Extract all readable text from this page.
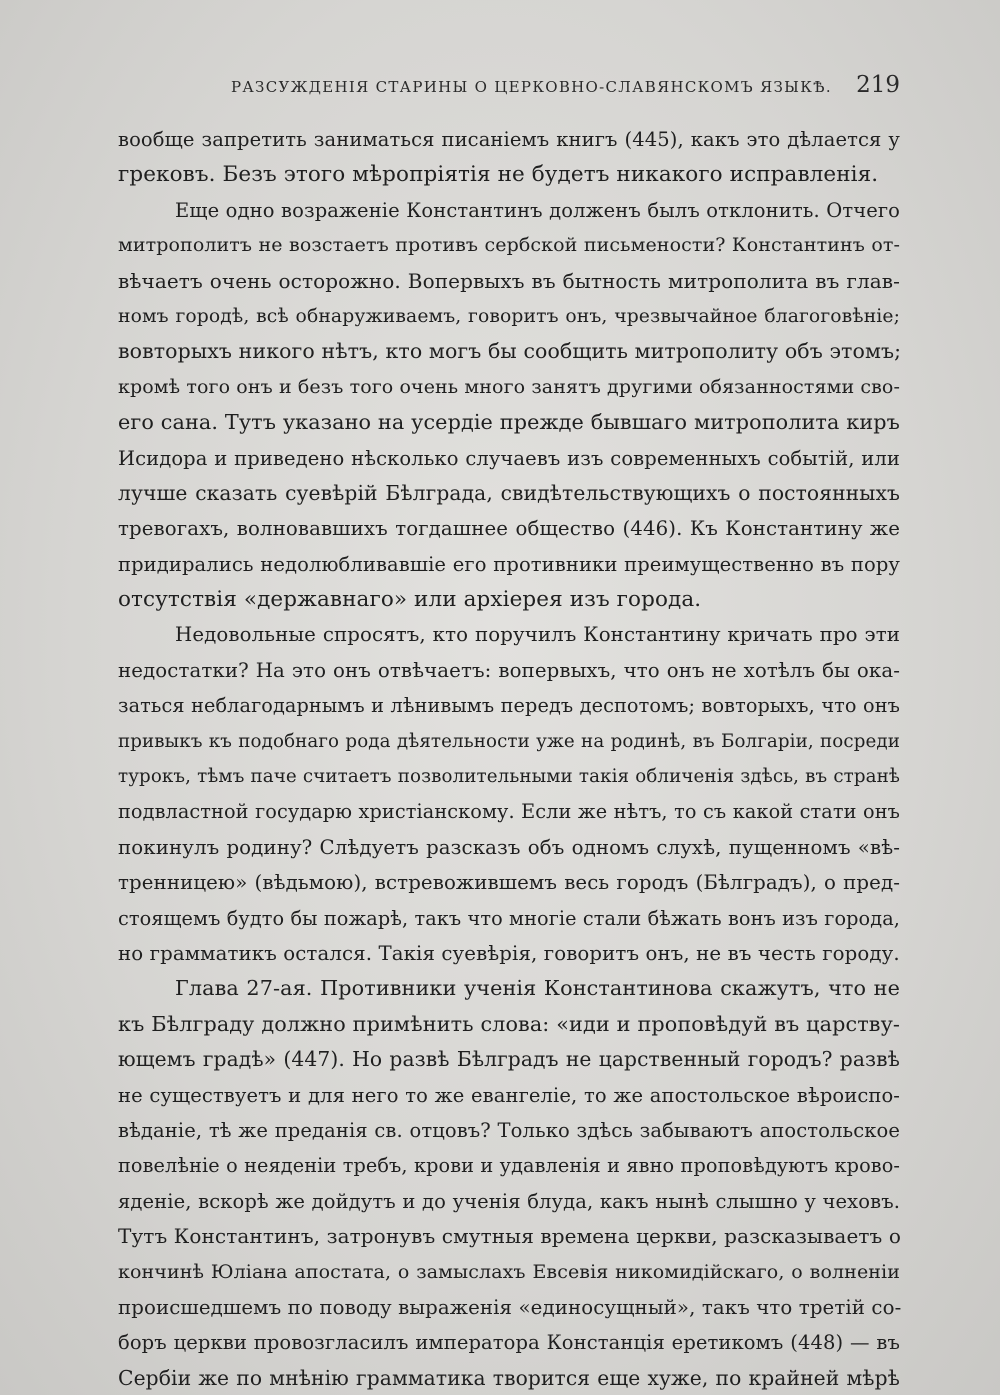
РАЗСУЖДЕНІЯ СТАРИНЫ О ЦЕРКОВНО-СЛАВЯНСКОМЪ ЯЗЫКѢ. 219
вообще запретить заниматься писаніемъ книгъ (445), какъ это дѣлается у
грековъ. Безъ этого мѣропріятія не будетъ никакого исправленія.
Еще одно возраженіе Константинъ долженъ былъ отклонить. Отчего
митрополитъ не возстаетъ противъ сербской письмености? Константинъ от-
вѣчаетъ очень осторожно. Вопервыхъ въ бытность митрополита въ глав-
номъ городѣ, всѣ обнаруживаемъ, говоритъ онъ, чрезвычайное благоговѣніе;
вовторыхъ никого нѣтъ, кто могъ бы сообщить митрополиту объ этомъ;
кромѣ того онъ и безъ того очень много занятъ другими обязанностями сво-
его сана. Тутъ указано на усердіе прежде бывшаго митрополита киръ
Исидора и приведено нѣсколько случаевъ изъ современныхъ событій, или
лучше сказать суевѣрій Бѣлграда, свидѣтельствующихъ о постоянныхъ
тревогахъ, волновавшихъ тогдашнее общество (446). Къ Константину же
придирались недолюбливавшіе его противники преимущественно въ пору
отсутствія «державнаго» или архіерея изъ города.
Недовольные спросятъ, кто поручилъ Константину кричать про эти
недостатки? На это онъ отвѣчаетъ: вопервыхъ, что онъ не хотѣлъ бы ока-
заться неблагодарнымъ и лѣнивымъ передъ деспотомъ; вовторыхъ, что онъ
привыкъ къ подобнаго рода дѣятельности уже на родинѣ, въ Болгаріи, посреди
турокъ, тѣмъ паче считаетъ позволительными такія обличенія здѣсь, въ странѣ
подвластной государю христіанскому. Если же нѣтъ, то съ какой стати онъ
покинулъ родину? Слѣдуетъ разсказъ объ одномъ слухѣ, пущенномъ «вѣ-
тренницею» (вѣдьмою), встревожившемъ весь городъ (Бѣлградъ), о пред-
стоящемъ будто бы пожарѣ, такъ что многіе стали бѣжать вонъ изъ города,
но грамматикъ остался. Такія суевѣрія, говоритъ онъ, не въ честь городу.
Глава 27-ая. Противники ученія Константинова скажутъ, что не
къ Бѣлграду должно примѣнить слова: «иди и проповѣдуй въ царству-
ющемъ градѣ» (447). Но развѣ Бѣлградъ не царственный городъ? развѣ
не существуетъ и для него то же евангеліе, то же апостольское вѣроиспо-
вѣданіе, тѣ же преданія св. отцовъ? Только здѣсь забываютъ апостольское
повелѣніе о неяденіи требъ, крови и удавленія и явно проповѣдуютъ крово-
яденіе, вскорѣ же дойдутъ и до ученія блуда, какъ нынѣ слышно у чеховъ.
Тутъ Константинъ, затронувъ смутныя времена церкви, разсказываетъ о
кончинѣ Юліана апостата, о замыслахъ Евсевія никомидійскаго, о волненіи
происшедшемъ по поводу выраженія «единосущный», такъ что третій со-
боръ церкви провозгласилъ императора Констанція еретикомъ (448) — въ
Сербіи же по мнѣнію грамматика творится еще хуже, по крайней мѣрѣ
